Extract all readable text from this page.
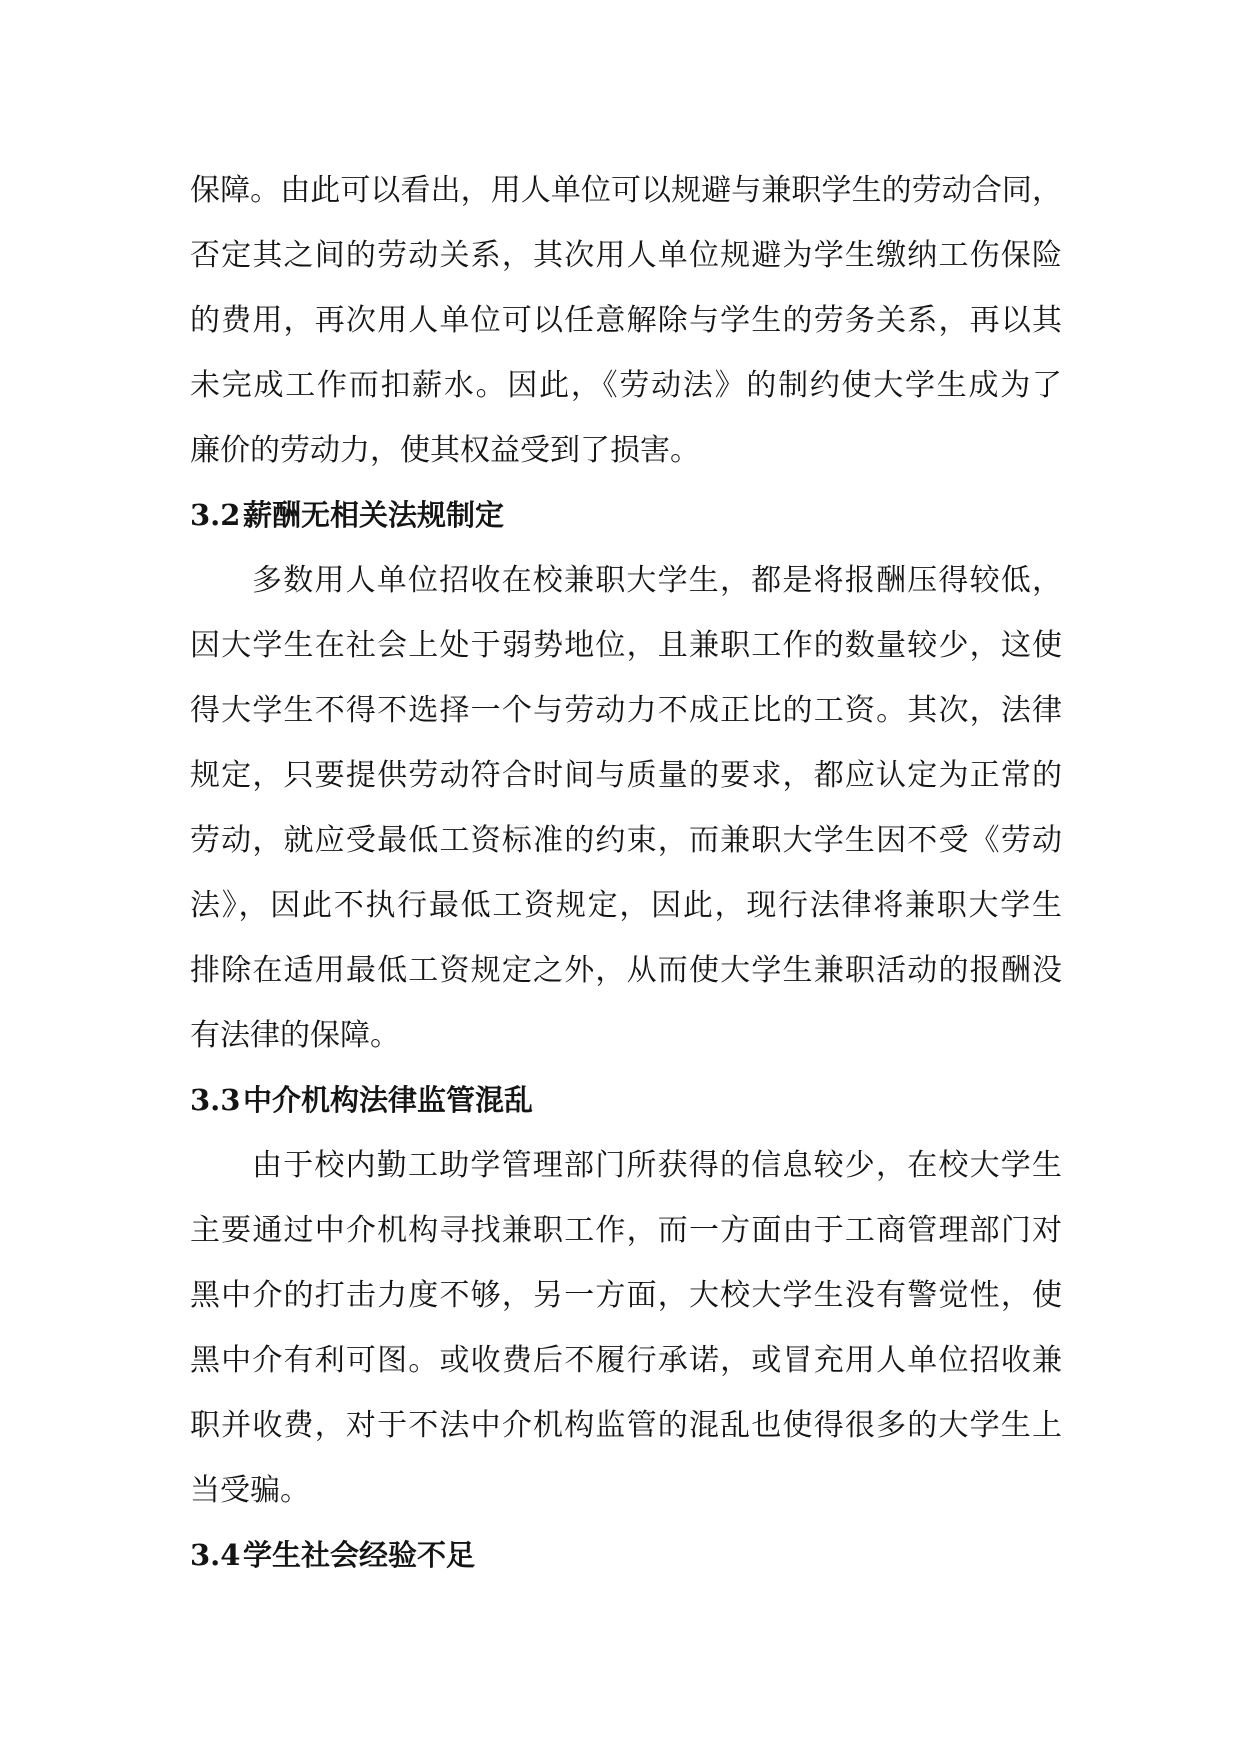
保障。由此可以看出，用人单位可以规避与兼职学生的劳动合同，
否定其之间的劳动关系，其次用人单位规避为学生缴纳工伤保险
的费用，再次用人单位可以任意解除与学生的劳务关系，再以其
未完成工作而扣薪水。因此，《劳动法》的制约使大学生成为了
廉价的劳动力，使其权益受到了损害。
3.2薪酬无相关法规制定
多数用人单位招收在校兼职大学生，都是将报酬压得较低，
因大学生在社会上处于弱势地位，且兼职工作的数量较少，这使
得大学生不得不选择一个与劳动力不成正比的工资。其次，法律
规定，只要提供劳动符合时间与质量的要求，都应认定为正常的
劳动，就应受最低工资标准的约束，而兼职大学生因不受《劳动
法》，因此不执行最低工资规定，因此，现行法律将兼职大学生
排除在适用最低工资规定之外，从而使大学生兼职活动的报酬没
有法律的保障。
3.3中介机构法律监管混乱
由于校内勤工助学管理部门所获得的信息较少，在校大学生
主要通过中介机构寻找兼职工作，而一方面由于工商管理部门对
黑中介的打击力度不够，另一方面，大校大学生没有警觉性，使
黑中介有利可图。或收费后不履行承诺，或冒充用人单位招收兼
职并收费，对于不法中介机构监管的混乱也使得很多的大学生上
当受骗。
3.4学生社会经验不足
